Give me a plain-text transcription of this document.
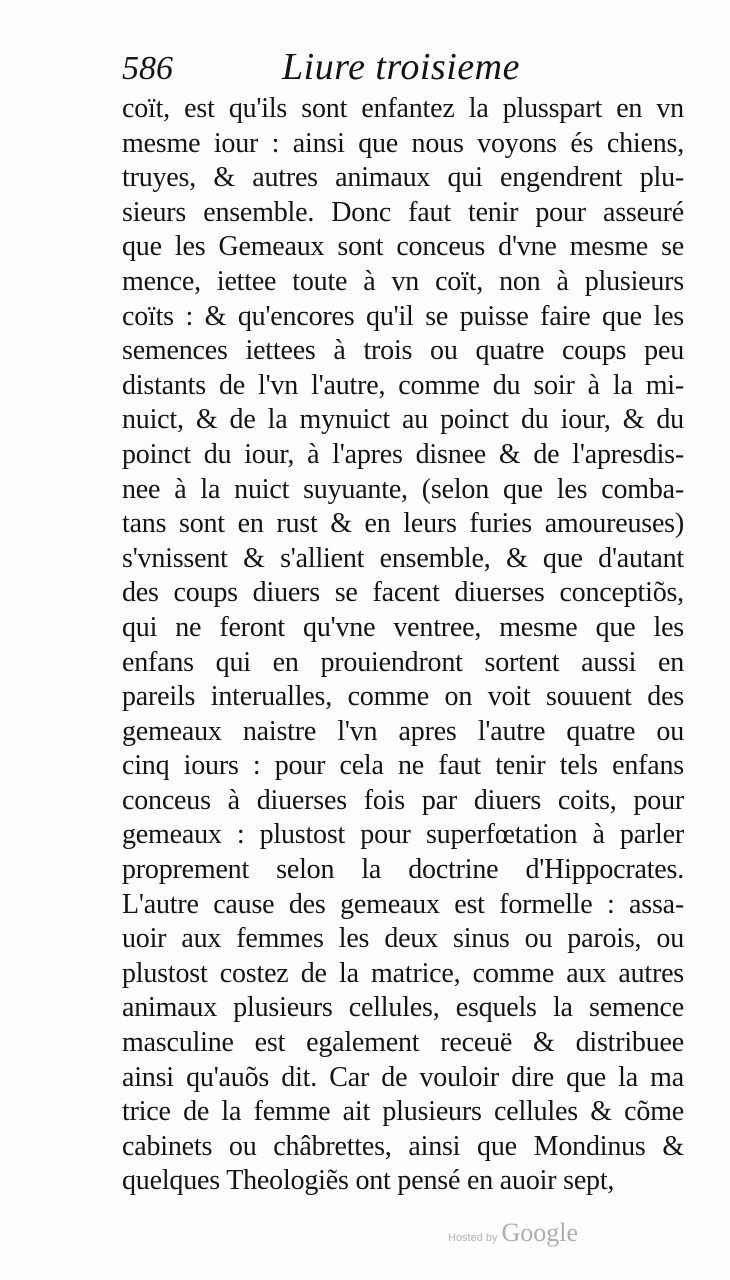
586	Liure troisieme
coït, est qu'ils sont enfantez la plusspart en vn
mesme iour : ainsi que nous voyons és chiens,
truyes, & autres animaux qui engendrent plu-
sieurs ensemble. Donc faut tenir pour asseuré
que les Gemeaux sont conceus d'vne mesme se
mence, iettee toute à vn coït, non à plusieurs
coïts : & qu'encores qu'il se puisse faire que les
semences iettees à trois ou quatre coups peu
distants de l'vn l'autre, comme du soir à la mi-
nuict, & de la mynuict au poinct du iour, & du
poinct du iour, à l'apres disnee & de l'apresdis-
nee à la nuict suyuante, (selon que les comba-
tans sont en rust & en leurs furies amoureuses)
s'vnissent & s'allient ensemble, & que d'autant
des coups diuers se facent diuerses conceptiõs,
qui ne feront qu'vne ventree, mesme que les
enfans qui en prouiendront sortent aussi en
pareils interualles, comme on voit souuent des
gemeaux naistre l'vn apres l'autre quatre ou
cinq iours : pour cela ne faut tenir tels enfans
conceus à diuerses fois par diuers coits, pour
gemeaux : plustost pour superfœtation à parler
proprement selon la doctrine d'Hippocrates.
L'autre cause des gemeaux est formelle : assa-
uoir aux femmes les deux sinus ou parois, ou
plustost costez de la matrice, comme aux autres
animaux plusieurs cellules, esquels la semence
masculine est egalement receuë & distribuee
ainsi qu'auõs dit. Car de vouloir dire que la ma
trice de la femme ait plusieurs cellules & cõme
cabinets ou châbrettes, ainsi que Mondinus &
quelques Theologiẽs ont pensé en auoir sept,
Hosted by Google
